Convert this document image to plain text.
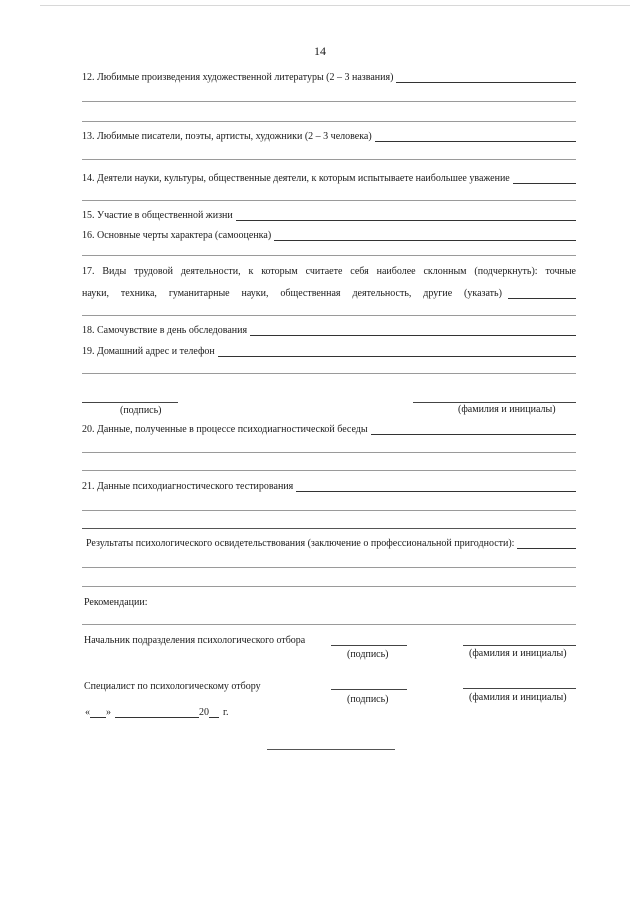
14
12. Любимые произведения художественной литературы (2 – 3 названия)
13. Любимые писатели, поэты, артисты, художники (2 – 3 человека)
14. Деятели науки, культуры, общественные деятели, к которым испытываете наибольшее уважение
15. Участие в общественной жизни
16. Основные черты характера (самооценка)
17. Виды трудовой деятельности, к которым считаете себя наиболее склонным (подчеркнуть): точные
науки, техника, гуманитарные науки, общественная деятельность, другие (указать)
18. Самочувствие в день обследования
19. Домашний адрес и телефон
(подпись)	(фамилия и инициалы)
20. Данные, полученные в процессе психодиагностической беседы
21. Данные психодиагностического тестирования
Результаты психологического освидетельствования (заключение о профессиональной пригодности):
Рекомендации:
Начальник подразделения психологического отбора
(подпись)	(фамилия и инициалы)
Специалист по психологическому отбору
(подпись)	(фамилия и инициалы)
« »	20 г.
